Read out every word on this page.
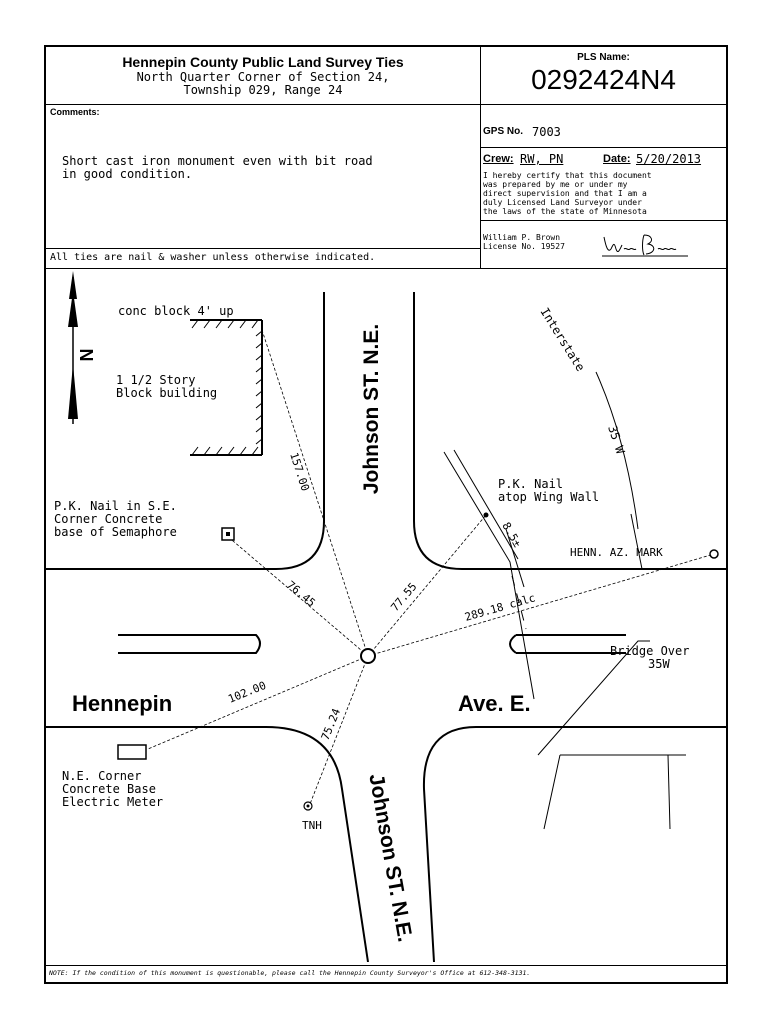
Hennepin County Public Land Survey Ties
North Quarter Corner of Section 24,
Township 029, Range 24
PLS Name:
0292424N4
Comments:
Short cast iron monument even with bit road
in good condition.
All ties are nail & washer unless otherwise indicated.
GPS No. 7003
Crew: RW, PN	Date: 5/20/2013
I hereby certify that this document
was prepared by me or under my
direct supervision and that I am a
duly Licensed Land Surveyor under
the laws of the state of Minnesota
William P. Brown
License No. 19527
N
conc block 4' up
1 1/2 Story
Block building
P.K. Nail in S.E.
Corner Concrete
base of Semaphore
P.K. Nail
atop Wing Wall
HENN. AZ. MARK
N.E. Corner
Concrete Base
Electric Meter
TNH
Johnson ST. N.E.
Johnson ST. N.E.
Hennepin	Ave. E.
Interstate
35 W
Bridge Over
35W
157.00
76.45	77.55
8.5±
289.18 calc
102.00
75.24
NOTE: If the condition of this monument is questionable, please call the Hennepin County Surveyor's Office at 612-348-3131.
